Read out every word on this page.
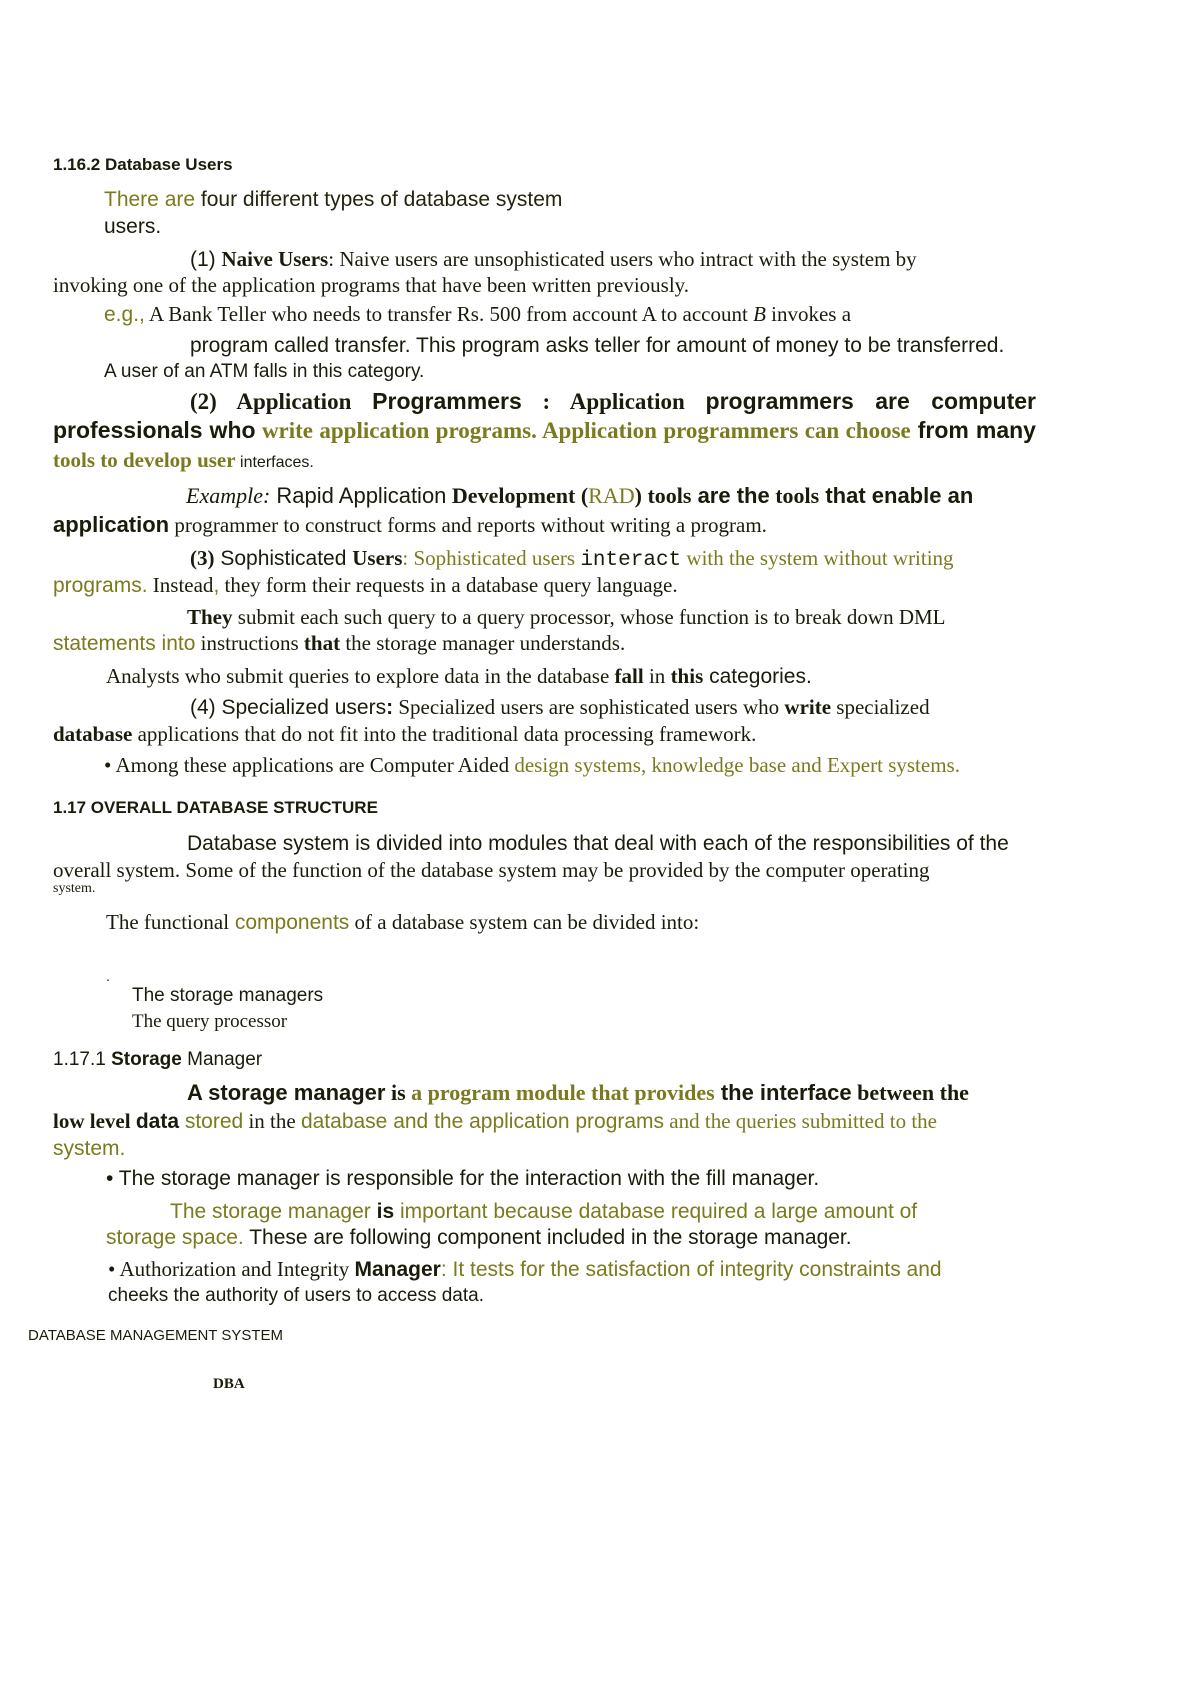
1.16.2 Database Users
There are four different types of database system
users.
(1) Naive Users: Naive users are unsophisticated users who intract with the system by
invoking one of the application programs that have been written previously.
e.g., A Bank Teller who needs to transfer Rs. 500 from account A to account B invokes a
program called transfer. This program asks teller for amount of money to be transferred.
A user of an ATM falls in this category.
(2) Application Programmers : Application programmers are computer
professionals who write application programs. Application programmers can choose from many
tools to develop user interfaces.
Example: Rapid Application Development (RAD) tools are the tools that enable an
application programmer to construct forms and reports without writing a program.
(3) Sophisticated Users: Sophisticated users interact with the system without writing
programs. Instead, they form their requests in a database query language.
They submit each such query to a query processor, whose function is to break down DML
statements into instructions that the storage manager understands.
Analysts who submit queries to explore data in the database fall in this categories.
(4) Specialized users: Specialized users are sophisticated users who write specialized
database applications that do not fit into the traditional data processing framework.
• Among these applications are Computer Aided design systems, knowledge base and Expert systems.
1.17 OVERALL DATABASE STRUCTURE
Database system is divided into modules that deal with each of the responsibilities of the
overall system. Some of the function of the database system may be provided by the computer operating
system.
The functional components of a database system can be divided into:
.
The storage managers
The query processor
1.17.1 Storage Manager
A storage manager is a program module that provides the interface between the
low level data stored in the database and the application programs and the queries submitted to the
system.
• The storage manager is responsible for the interaction with the fill manager.
The storage manager is important because database required a large amount of
storage space. These are following component included in the storage manager.
• Authorization and Integrity Manager: It tests for the satisfaction of integrity constraints and
cheeks the authority of users to access data.
DATABASE MANAGEMENT SYSTEM
DBA
